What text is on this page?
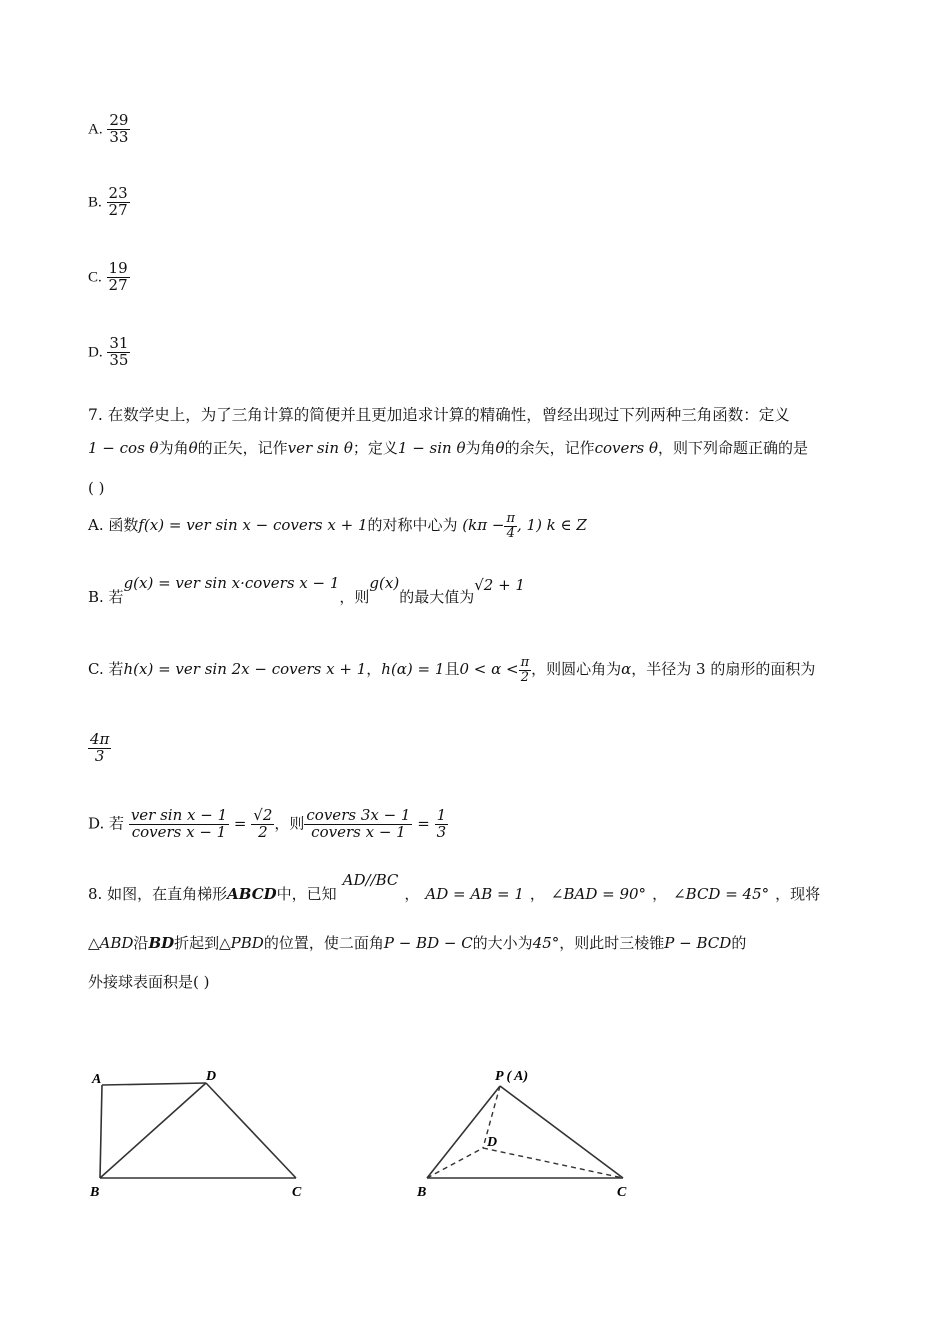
A. $\frac{29}{33}$
B. $\frac{23}{27}$
C. $\frac{19}{27}$
D. $\frac{31}{35}$
7. 在数学史上，为了三角计算的简便并且更加追求计算的精确性，曾经出现过下列两种三角函数：定义
1 − cos θ为角θ的正矢，记作ver sin θ；定义1 − sin θ为角θ的余矢，记作covers θ，则下列命题正确的是
( )
A. 函数f(x) = ver sin x − covers x + 1的对称中心为 ($k\pi - \frac{\pi}{4}$ , 1) k ∈ Z
B. 若g(x) = ver sin x·covers x − 1，则g(x)的最大值为√2 + 1
C. 若h(x) = ver sin 2x − covers x + 1，h(α) = 1且$0 < \alpha < \frac{\pi}{2}$ ，则圆心角为α，半径为 3 的扇形的面积为
$\frac{4\pi}{3}$
D. 若 $\frac{\text{ver sin x − 1}}{\text{covers x − 1}} = \frac{√2}{2}$ ，则 $\frac{\text{covers 3x − 1}}{\text{covers x − 1}} = \frac{1}{3}$
8. 如图，在直角梯形ABCD中，已知AD//BC， AD = AB = 1 ， ∠BAD = 90° ， ∠BCD = 45° ，现将
△ABD沿BD折起到△PBD的位置，使二面角P − BD − C的大小为45°，则此时三棱锥P − BCD的
外接球表面积是( )
A	D
B	C
P ( A)
D
B	C
